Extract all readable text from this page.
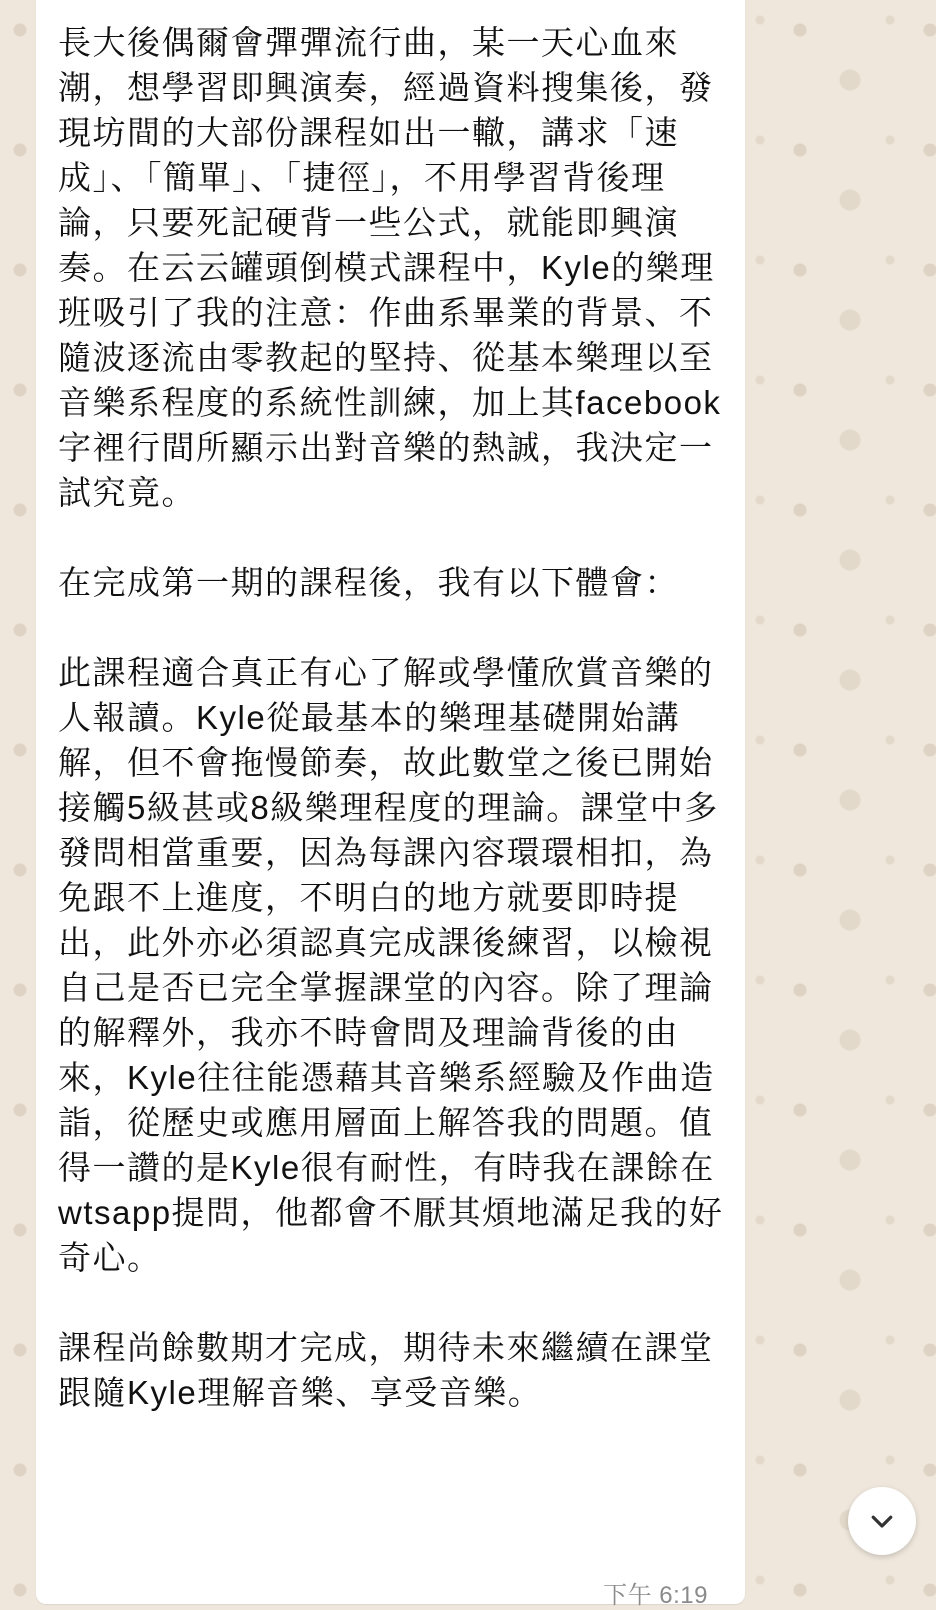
長大後偶爾會彈彈流行曲，某一天心血來潮，想學習即興演奏，經過資料搜集後，發現坊間的大部份課程如出一轍，講求「速成」、「簡單」、「捷徑」，不用學習背後理論，只要死記硬背一些公式，就能即興演奏。在云云罐頭倒模式課程中，Kyle的樂理班吸引了我的注意：作曲系畢業的背景、不隨波逐流由零教起的堅持、從基本樂理以至音樂系程度的系統性訓練，加上其facebook字裡行間所顯示出對音樂的熱誠，我決定一試究竟。

在完成第一期的課程後，我有以下體會：

此課程適合真正有心了解或學懂欣賞音樂的人報讀。Kyle從最基本的樂理基礎開始講解，但不會拖慢節奏，故此數堂之後已開始接觸5級甚或8級樂理程度的理論。課堂中多發問相當重要，因為每課內容環環相扣，為免跟不上進度，不明白的地方就要即時提出，此外亦必須認真完成課後練習，以檢視自己是否已完全掌握課堂的內容。除了理論的解釋外，我亦不時會問及理論背後的由來，Kyle往往能憑藉其音樂系經驗及作曲造詣，從歷史或應用層面上解答我的問題。值得一讚的是Kyle很有耐性，有時我在課餘在wtsapp提問，他都會不厭其煩地滿足我的好奇心。

課程尚餘數期才完成，期待未來繼續在課堂跟隨Kyle理解音樂、享受音樂。

下午 6:19
